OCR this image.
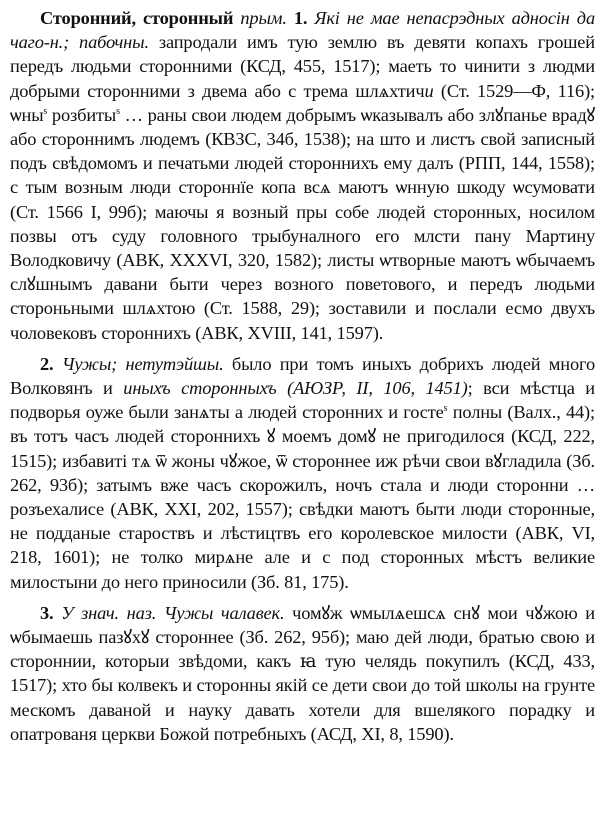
Сторонний, сторонный прым. 1. Які не мае непасрэдных адносін да чаго-н.; пабочны. запродали имъ тую землю въ девяти копахъ грошей передъ людьми сторонними (КСД, 455, 1517); маеть то чинити з людми добрыми сторонними з двема або с трема шлѧхтичи (Ст. 1529—Ф, 116); ѡны$^s$ розбиты$^s$ … раны свои людем добрымъ ѡказывалъ або злꙋпанье врадꙋ або стороннимъ людемъ (КВЗС, 34б, 1538); на што и листъ свой записный подъ свѣдомомъ и печатьми людей стороннихъ ему далъ (РПП, 144, 1558); с тым возным люди стороннїе копа всѧ маютъ ѡнную шкоду ѡсумовати (Ст. 1566 І, 99б); маючы я возный пры собе людей сторонных, носилом позвы отъ суду головного трыбуналного его млсти пану Мартину Володковичу (АВК, XXXVI, 320, 1582); листы ѡтворные маютъ ѡбычаемъ слꙋшнымъ давани быти через возного поветового, и передъ людьми стороньными шлѧхтою (Ст. 1588, 29); зоставили и послали есмо двухъ чоловековъ стороннихъ (АВК, XVIII, 141, 1597).

2. Чужы; нетутэйшы. было при томъ иныхъ добрихъ людей много Волковянъ и иныхъ сторонныхъ (АЮЗР, II, 106, 1451); вси мѣстца и подворья оуже были занѧты а людей сторонних и госте$^s$ полны (Валх., 44); въ тотъ часъ людей стороннихъ ꙋ моемъ домꙋ не пригодилося (КСД, 222, 1515); избавиті тѧ ѿ жоны чꙋжое, ѿ стороннее иж рѣчи свои вꙋгладила (Зб. 262, 93б); затымъ вже часъ скорожилъ, ночъ стала и люди сторонни … розъехалисе (АВК, XXI, 202, 1557); свѣдки маютъ быти люди сторонные, не подданые староствъ и лѣстицтвъ его королевское милости (АВК, VI, 218, 1601); не толко мирѧне але и с под сторонных мѣстъ великие милостыни до него приносили (Зб. 81, 175).

3. У знач. наз. Чужы чалавек. чомꙋж ѡмылѧешсѧ снꙋ мои чꙋжою и ѡбымаешь пазꙋхꙋ стороннее (Зб. 262, 95б); маю дей люди, братью свою и стороннии, которыи звѣдоми, какъ ꙗ тую челядь покупилъ (КСД, 433, 1517); хто бы колвекъ и сторонны якій се дети свои до той школы на грунте мескомъ даваной и науку давать хотели для вшелякого порадку и опатрованя церкви Божой потребныхъ (АСД, XI, 8, 1590).
